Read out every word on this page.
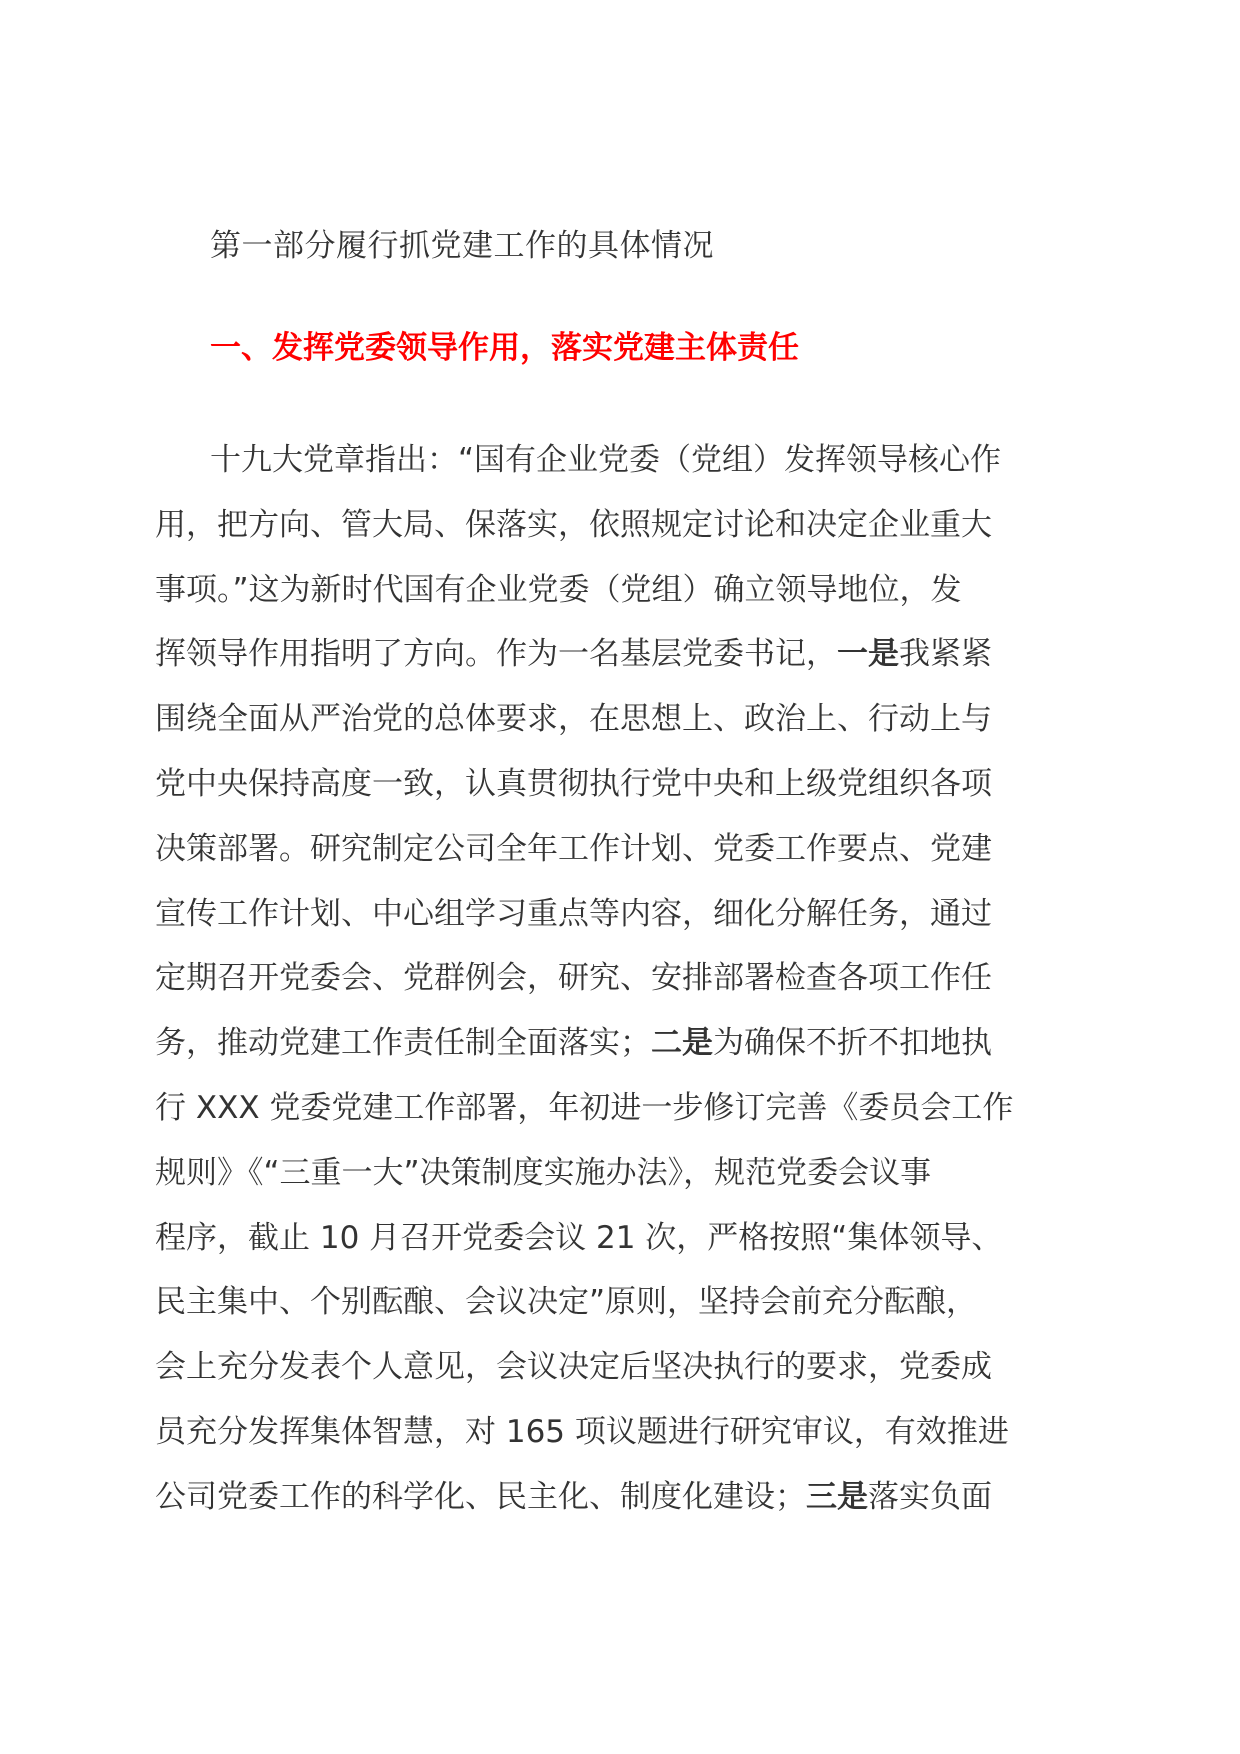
第一部分履行抓党建工作的具体情况
一、发挥党委领导作用，落实党建主体责任
十九大党章指出：“国有企业党委（党组）发挥领导核心作
用，把方向、管大局、保落实，依照规定讨论和决定企业重大
事项。”这为新时代国有企业党委（党组）确立领导地位，发
挥领导作用指明了方向。作为一名基层党委书记，一是我紧紧
围绕全面从严治党的总体要求，在思想上、政治上、行动上与
党中央保持高度一致，认真贯彻执行党中央和上级党组织各项
决策部署。研究制定公司全年工作计划、党委工作要点、党建
宣传工作计划、中心组学习重点等内容，细化分解任务，通过
定期召开党委会、党群例会，研究、安排部署检查各项工作任
务，推动党建工作责任制全面落实；二是为确保不折不扣地执
行 XXX 党委党建工作部署，年初进一步修订完善《委员会工作
规则》《“三重一大”决策制度实施办法》，规范党委会议事
程序，截止 10 月召开党委会议 21 次，严格按照“集体领导、
民主集中、个别酝酿、会议决定”原则，坚持会前充分酝酿，
会上充分发表个人意见，会议决定后坚决执行的要求，党委成
员充分发挥集体智慧，对 165 项议题进行研究审议，有效推进
公司党委工作的科学化、民主化、制度化建设；三是落实负面
